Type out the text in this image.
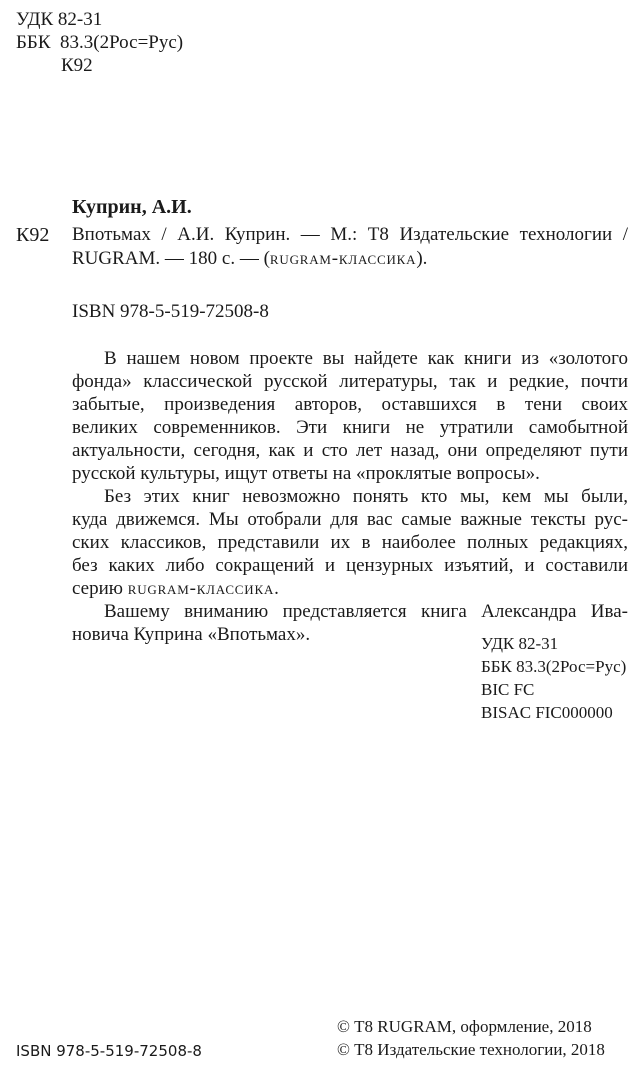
УДК 82-31
ББК  83.3(2Рос=Рус)
К92
Куприн, А.И.
К92 Впотьмах / А.И. Куприн. — М.: Т8 Издательские технологии /
RUGRAM. — 180 с. — (rugram-классика).
ISBN 978-5-519-72508-8
В нашем новом проекте вы найдете как книги из «золотого
фонда» классической русской литературы, так и редкие, почти
забытые, произведения авторов, оставшихся в тени своих
великих современников. Эти книги не утратили самобытной
актуальности, сегодня, как и сто лет назад, они определяют пути
русской культуры, ищут ответы на «проклятые вопросы».
Без этих книг невозможно понять кто мы, кем мы были,
куда движемся. Мы отобрали для вас самые важные тексты рус-
ских классиков, представили их в наиболее полных редакциях,
без каких либо сокращений и цензурных изъятий, и составили
серию rugram-классика.
Вашему вниманию представляется книга Александра Ива-
новича Куприна «Впотьмах».	УДК 82-31
ББК 83.3(2Рос=Рус)
BIC FC
BISAC FIC000000
ISBN 978-5-519-72508-8
© Т8 RUGRAM, оформление, 2018
© Т8 Издательские технологии, 2018
